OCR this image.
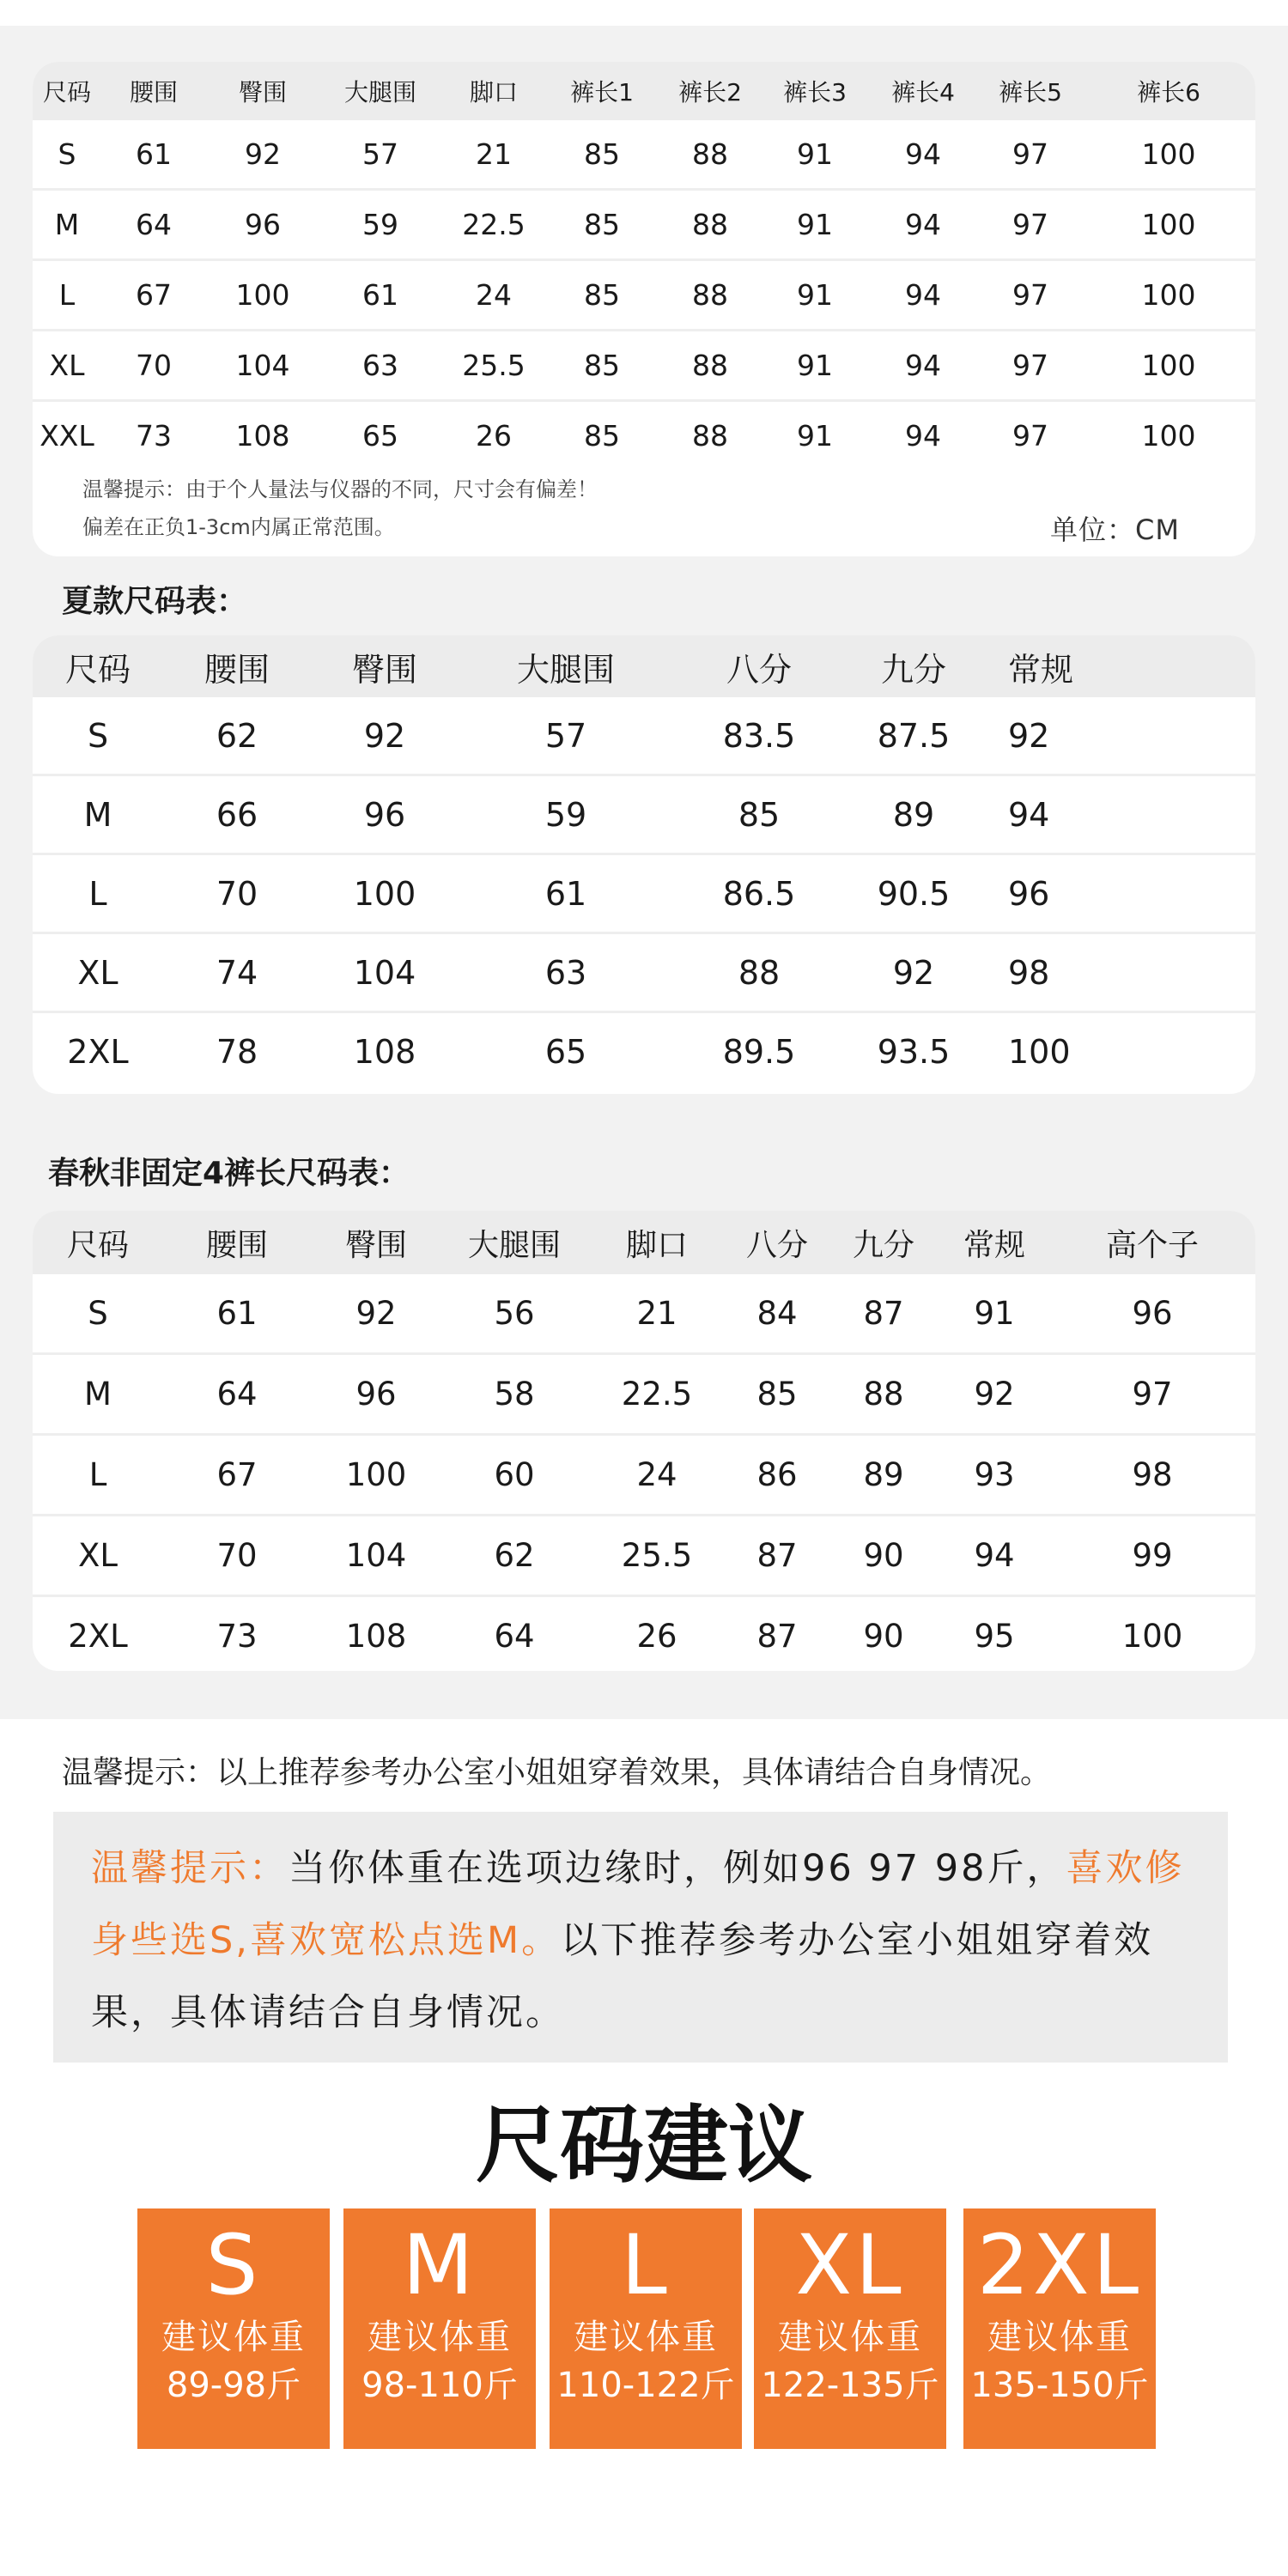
尺码	腰围	臀围	大腿围	脚口	裤长1	裤长2	裤长3	裤长4	裤长5	裤长6
S	61	92	57	21	85	88	91	94	97	100
M	64	96	59	22.5	85	88	91	94	97	100
L	67	100	61	24	85	88	91	94	97	100
XL	70	104	63	25.5	85	88	91	94	97	100
XXL	73	108	65	26	85	88	91	94	97	100
温馨提示：由于个人量法与仪器的不同，尺寸会有偏差！
偏差在正负1-3cm内属正常范围。	单位：CM
夏款尺码表：
尺码	腰围	臀围	大腿围	八分	九分	常规
S	62	92	57	83.5	87.5	92
M	66	96	59	85	89	94
L	70	100	61	86.5	90.5	96
XL	74	104	63	88	92	98
2XL	78	108	65	89.5	93.5	100
春秋非固定4裤长尺码表：
尺码	腰围	臀围	大腿围	脚口	八分	九分	常规	高个子
S	61	92	56	21	84	87	91	96
M	64	96	58	22.5	85	88	92	97
L	67	100	60	24	86	89	93	98
XL	70	104	62	25.5	87	90	94	99
2XL	73	108	64	26	87	90	95	100
温馨提示：以上推荐参考办公室小姐姐穿着效果，具体请结合自身情况。
温馨提示：当你体重在选项边缘时，例如96 97 98斤，喜欢修身些选S,喜欢宽松点选M。以下推荐参考办公室小姐姐穿着效果，具体请结合自身情况。
尺码建议
S
建议体重
89-98斤
M
建议体重
98-110斤
L
建议体重
110-122斤
XL
建议体重
122-135斤
2XL
建议体重
135-150斤
